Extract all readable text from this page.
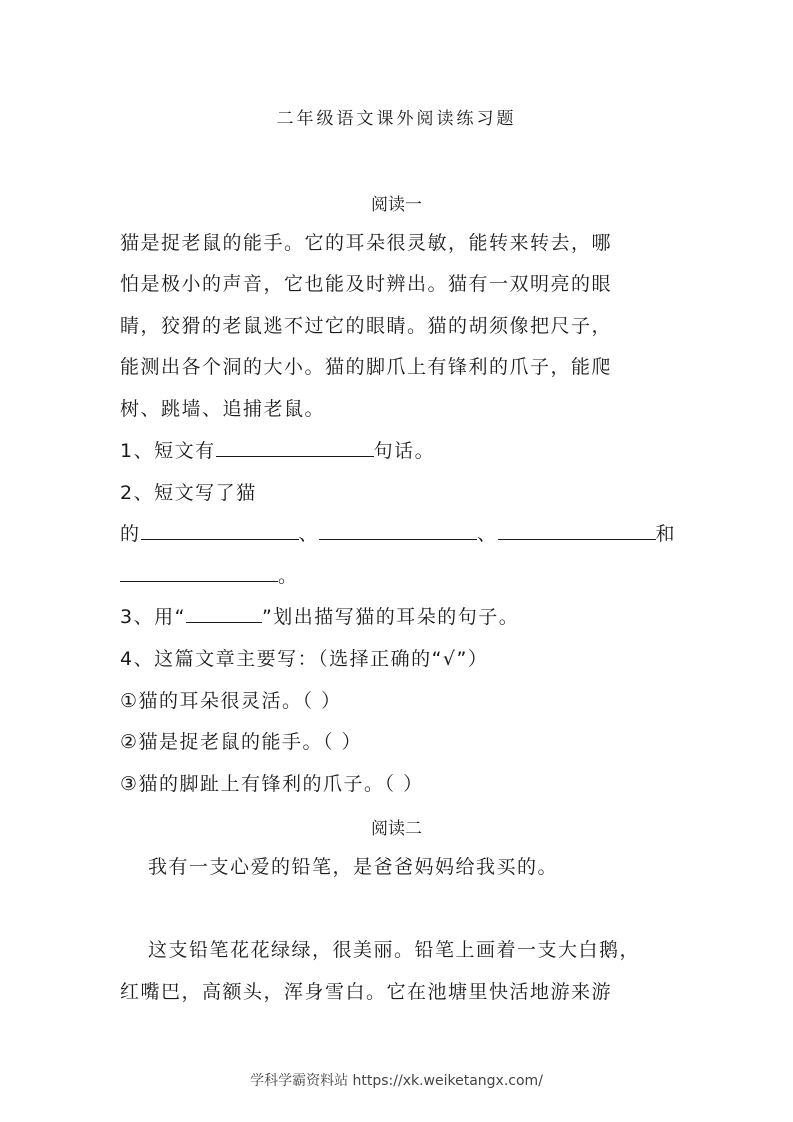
二年级语文课外阅读练习题
阅读一
猫是捉老鼠的能手。它的耳朵很灵敏，能转来转去，哪
怕是极小的声音，它也能及时辨出。猫有一双明亮的眼
睛，狡猾的老鼠逃不过它的眼睛。猫的胡须像把尺子，
能测出各个洞的大小。猫的脚爪上有锋利的爪子，能爬
树、跳墙、追捕老鼠。
1、短文有	句话。
2、短文写了猫
的	、	、	和
。
3、用“	”划出描写猫的耳朵的句子。
4、这篇文章主要写：（选择正确的“√”）
①猫的耳朵很灵活。（ ）
②猫是捉老鼠的能手。（ ）
③猫的脚趾上有锋利的爪子。（ ）
阅读二
我有一支心爱的铅笔，是爸爸妈妈给我买的。
这支铅笔花花绿绿，很美丽。铅笔上画着一支大白鹅，
红嘴巴，高额头，浑身雪白。它在池塘里快活地游来游
学科学霸资料站 https://xk.weiketangx.com/
